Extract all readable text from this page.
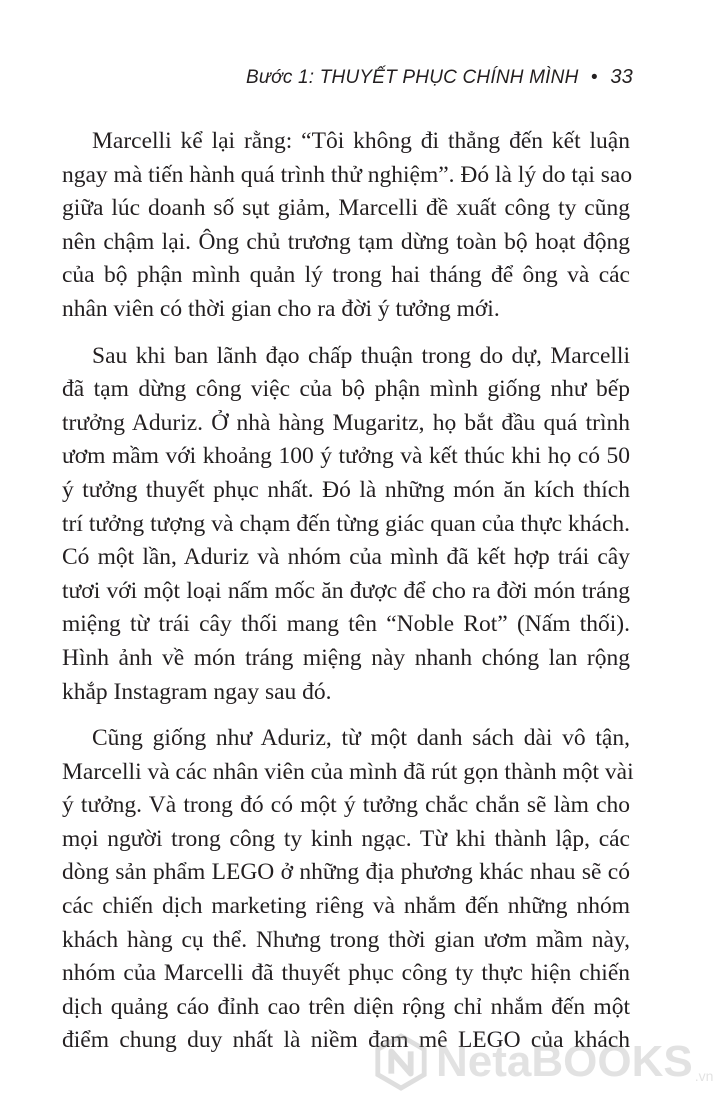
Bước 1: THUYẾT PHỤC CHÍNH MÌNH • 33
Marcelli kể lại rằng: “Tôi không đi thẳng đến kết luận
ngay mà tiến hành quá trình thử nghiệm”. Đó là lý do tại sao
giữa lúc doanh số sụt giảm, Marcelli đề xuất công ty cũng
nên chậm lại. Ông chủ trương tạm dừng toàn bộ hoạt động
của bộ phận mình quản lý trong hai tháng để ông và các
nhân viên có thời gian cho ra đời ý tưởng mới.
Sau khi ban lãnh đạo chấp thuận trong do dự, Marcelli
đã tạm dừng công việc của bộ phận mình giống như bếp
trưởng Aduriz. Ở nhà hàng Mugaritz, họ bắt đầu quá trình
ươm mầm với khoảng 100 ý tưởng và kết thúc khi họ có 50
ý tưởng thuyết phục nhất. Đó là những món ăn kích thích
trí tưởng tượng và chạm đến từng giác quan của thực khách.
Có một lần, Aduriz và nhóm của mình đã kết hợp trái cây
tươi với một loại nấm mốc ăn được để cho ra đời món tráng
miệng từ trái cây thối mang tên “Noble Rot” (Nấm thối).
Hình ảnh về món tráng miệng này nhanh chóng lan rộng
khắp Instagram ngay sau đó.
Cũng giống như Aduriz, từ một danh sách dài vô tận,
Marcelli và các nhân viên của mình đã rút gọn thành một vài
ý tưởng. Và trong đó có một ý tưởng chắc chắn sẽ làm cho
mọi người trong công ty kinh ngạc. Từ khi thành lập, các
dòng sản phẩm LEGO ở những địa phương khác nhau sẽ có
các chiến dịch marketing riêng và nhắm đến những nhóm
khách hàng cụ thể. Nhưng trong thời gian ươm mầm này,
nhóm của Marcelli đã thuyết phục công ty thực hiện chiến
dịch quảng cáo đỉnh cao trên diện rộng chỉ nhắm đến một
điểm chung duy nhất là niềm đam mê LEGO của khách
NetaBOOKS .vn
